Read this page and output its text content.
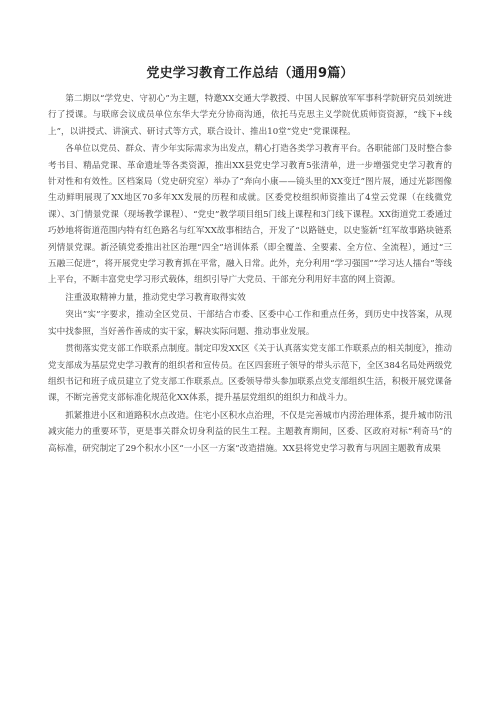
党史学习教育工作总结（通用9篇）

第二期以“学党史、守初心”为主题，特邀XX交通大学教授、中国人民解放军军事科学院研究员刘统进行了授课。与联席会议成员单位东华大学充分协商沟通，依托马克思主义学院优质师资资源，“线下+线上”，以讲授式、讲演式、研讨式等方式，联合设计、推出10堂“党史”党课课程。

各单位以党员、群众、青少年实际需求为出发点，精心打造各类学习教育平台。各职能部门及时整合参考书目、精品党课、革命遗址等各类资源，推出XX县党史学习教育5张清单，进一步增强党史学习教育的针对性和有效性。区档案局（党史研究室）举办了“奔向小康——镜头里的XX变迁”图片展，通过光影图像生动鲜明展现了XX地区70多年XX发展的历程和成就。区委党校组织师资推出了4堂云党课（在线微党课）、3门情景党课（现场教学课程）、“党史”教学项目组5门线上课程和3门线下课程。XX街道党工委通过巧妙地将街道范围内特有红色路名与红军XX故事相结合，开发了“以路链史，以史鉴新“红军故事路块链系列情景党课。新泾镇党委推出社区治理“四全”培训体系（即全覆盖、全要素、全方位、全流程），通过“三五融三促进“，将开展党史学习教育抓在平常，融入日常。此外，充分利用“学习强国”“学习达人擂台”等线上平台，不断丰富党史学习形式载体，组织引导广大党员、干部充分利用好丰富的网上资源。

注重汲取精神力量，推动党史学习教育取得实效

突出“实”字要求，推动全区党员、干部结合市委、区委中心工作和重点任务，到历史中找答案，从现实中找参照，当好善作善成的实干家，解决实际问题、推动事业发展。

贯彻落实党支部工作联系点制度。制定印发XX区《关于认真落实党支部工作联系点的相关制度》，推动党支部成为基层党史学习教育的组织者和宣传员。在区四套班子领导的带头示范下，全区384名局处两级党组织书记和班子成员建立了党支部工作联系点。区委领导带头参加联系点党支部组织生活，积极开展党课备课，不断完善党支部标准化规范化XX体系，提升基层党组织的组织力和战斗力。

抓紧推进小区和道路积水点改造。住宅小区积水点治理，不仅是完善城市内涝治理体系，提升城市防汛减灾能力的重要环节，更是事关群众切身利益的民生工程。主题教育期间，区委、区政府对标“利奇马”的高标准，研究制定了29个积水小区“一小区一方案”改造措施。XX县将党史学习教育与巩固主题教育成果
